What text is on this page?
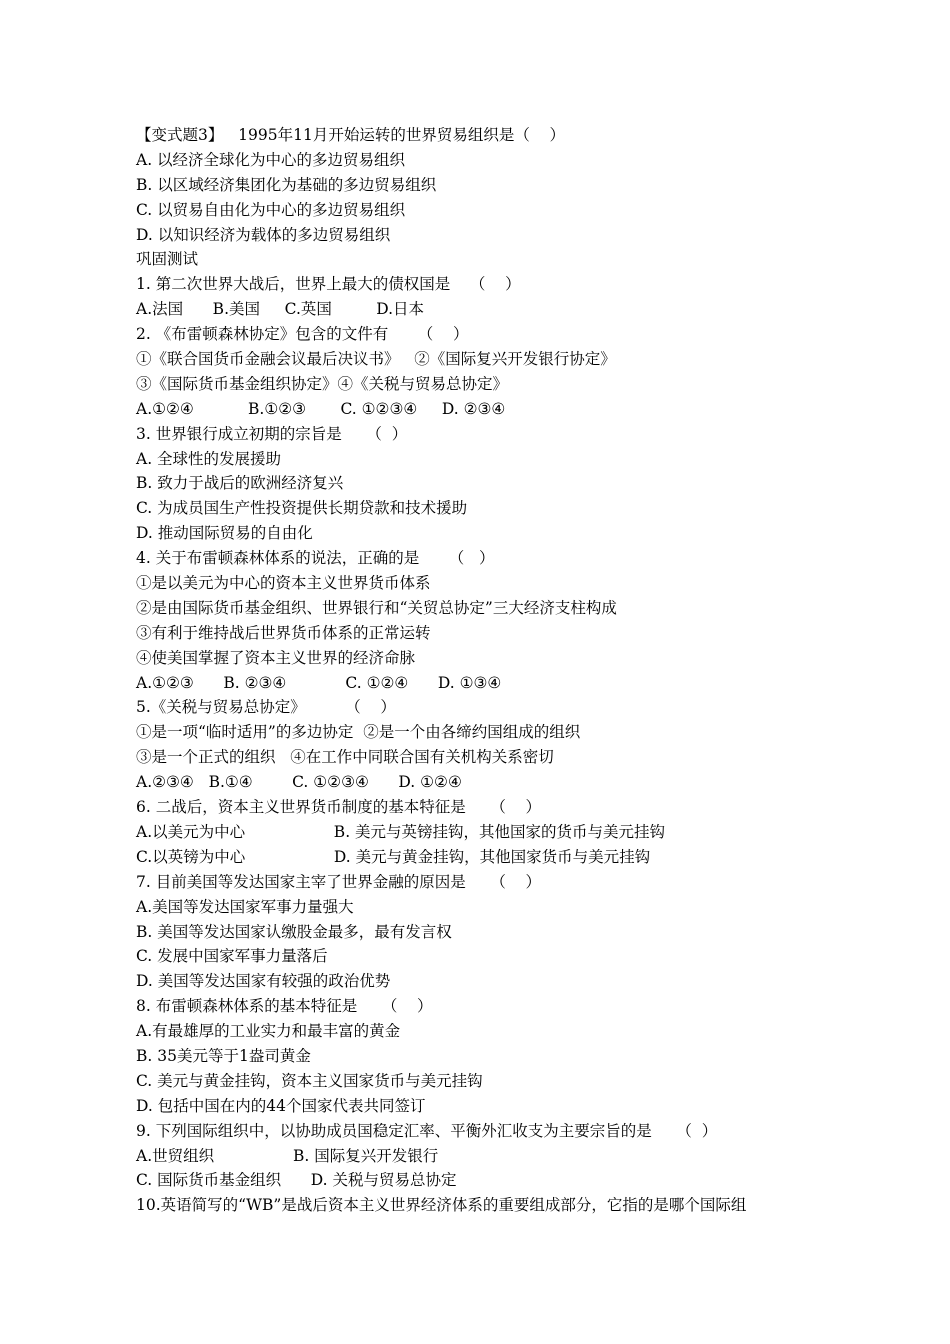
【变式题3】   1995年11月开始运转的世界贸易组织是（    ）
A. 以经济全球化为中心的多边贸易组织
B. 以区域经济集团化为基础的多边贸易组织
C. 以贸易自由化为中心的多边贸易组织
D. 以知识经济为载体的多边贸易组织
巩固测试
1. 第二次世界大战后，世界上最大的债权国是    （    ）
A.法国      B.美国     C.英国         D.日本
2. 《布雷顿森林协定》包含的文件有      （    ）
①《联合国货币金融会议最后决议书》   ②《国际复兴开发银行协定》
③《国际货币基金组织协定》④《关税与贸易总协定》
A.①②④           B.①②③       C. ①②③④     D. ②③④
3. 世界银行成立初期的宗旨是     （  ）
A. 全球性的发展援助
B. 致力于战后的欧洲经济复兴
C. 为成员国生产性投资提供长期贷款和技术援助
D. 推动国际贸易的自由化
4. 关于布雷顿森林体系的说法，正确的是      （   ）
①是以美元为中心的资本主义世界货币体系
②是由国际货币基金组织、世界银行和“关贸总协定”三大经济支柱构成
③有利于维持战后世界货币体系的正常运转
④使美国掌握了资本主义世界的经济命脉
A.①②③      B. ②③④            C. ①②④      D. ①③④
5.《关税与贸易总协定》        （    ）
①是一项“临时适用”的多边协定  ②是一个由各缔约国组成的组织
③是一个正式的组织   ④在工作中同联合国有关机构关系密切
A.②③④   B.①④        C. ①②③④      D. ①②④
6. 二战后，资本主义世界货币制度的基本特征是     （    ）
A.以美元为中心                  B. 美元与英镑挂钩，其他国家的货币与美元挂钩
C.以英镑为中心                  D. 美元与黄金挂钩，其他国家货币与美元挂钩
7. 目前美国等发达国家主宰了世界金融的原因是     （    ）
A.美国等发达国家军事力量强大
B. 美国等发达国家认缴股金最多，最有发言权
C. 发展中国家军事力量落后
D. 美国等发达国家有较强的政治优势
8. 布雷顿森林体系的基本特征是     （    ）
A.有最雄厚的工业实力和最丰富的黄金
B. 35美元等于1盎司黄金
C. 美元与黄金挂钩，资本主义国家货币与美元挂钩
D. 包括中国在内的44个国家代表共同签订
9. 下列国际组织中，以协助成员国稳定汇率、平衡外汇收支为主要宗旨的是     （  ）
A.世贸组织                B. 国际复兴开发银行
C. 国际货币基金组织      D. 关税与贸易总协定
10.英语简写的“WB”是战后资本主义世界经济体系的重要组成部分，它指的是哪个国际组
